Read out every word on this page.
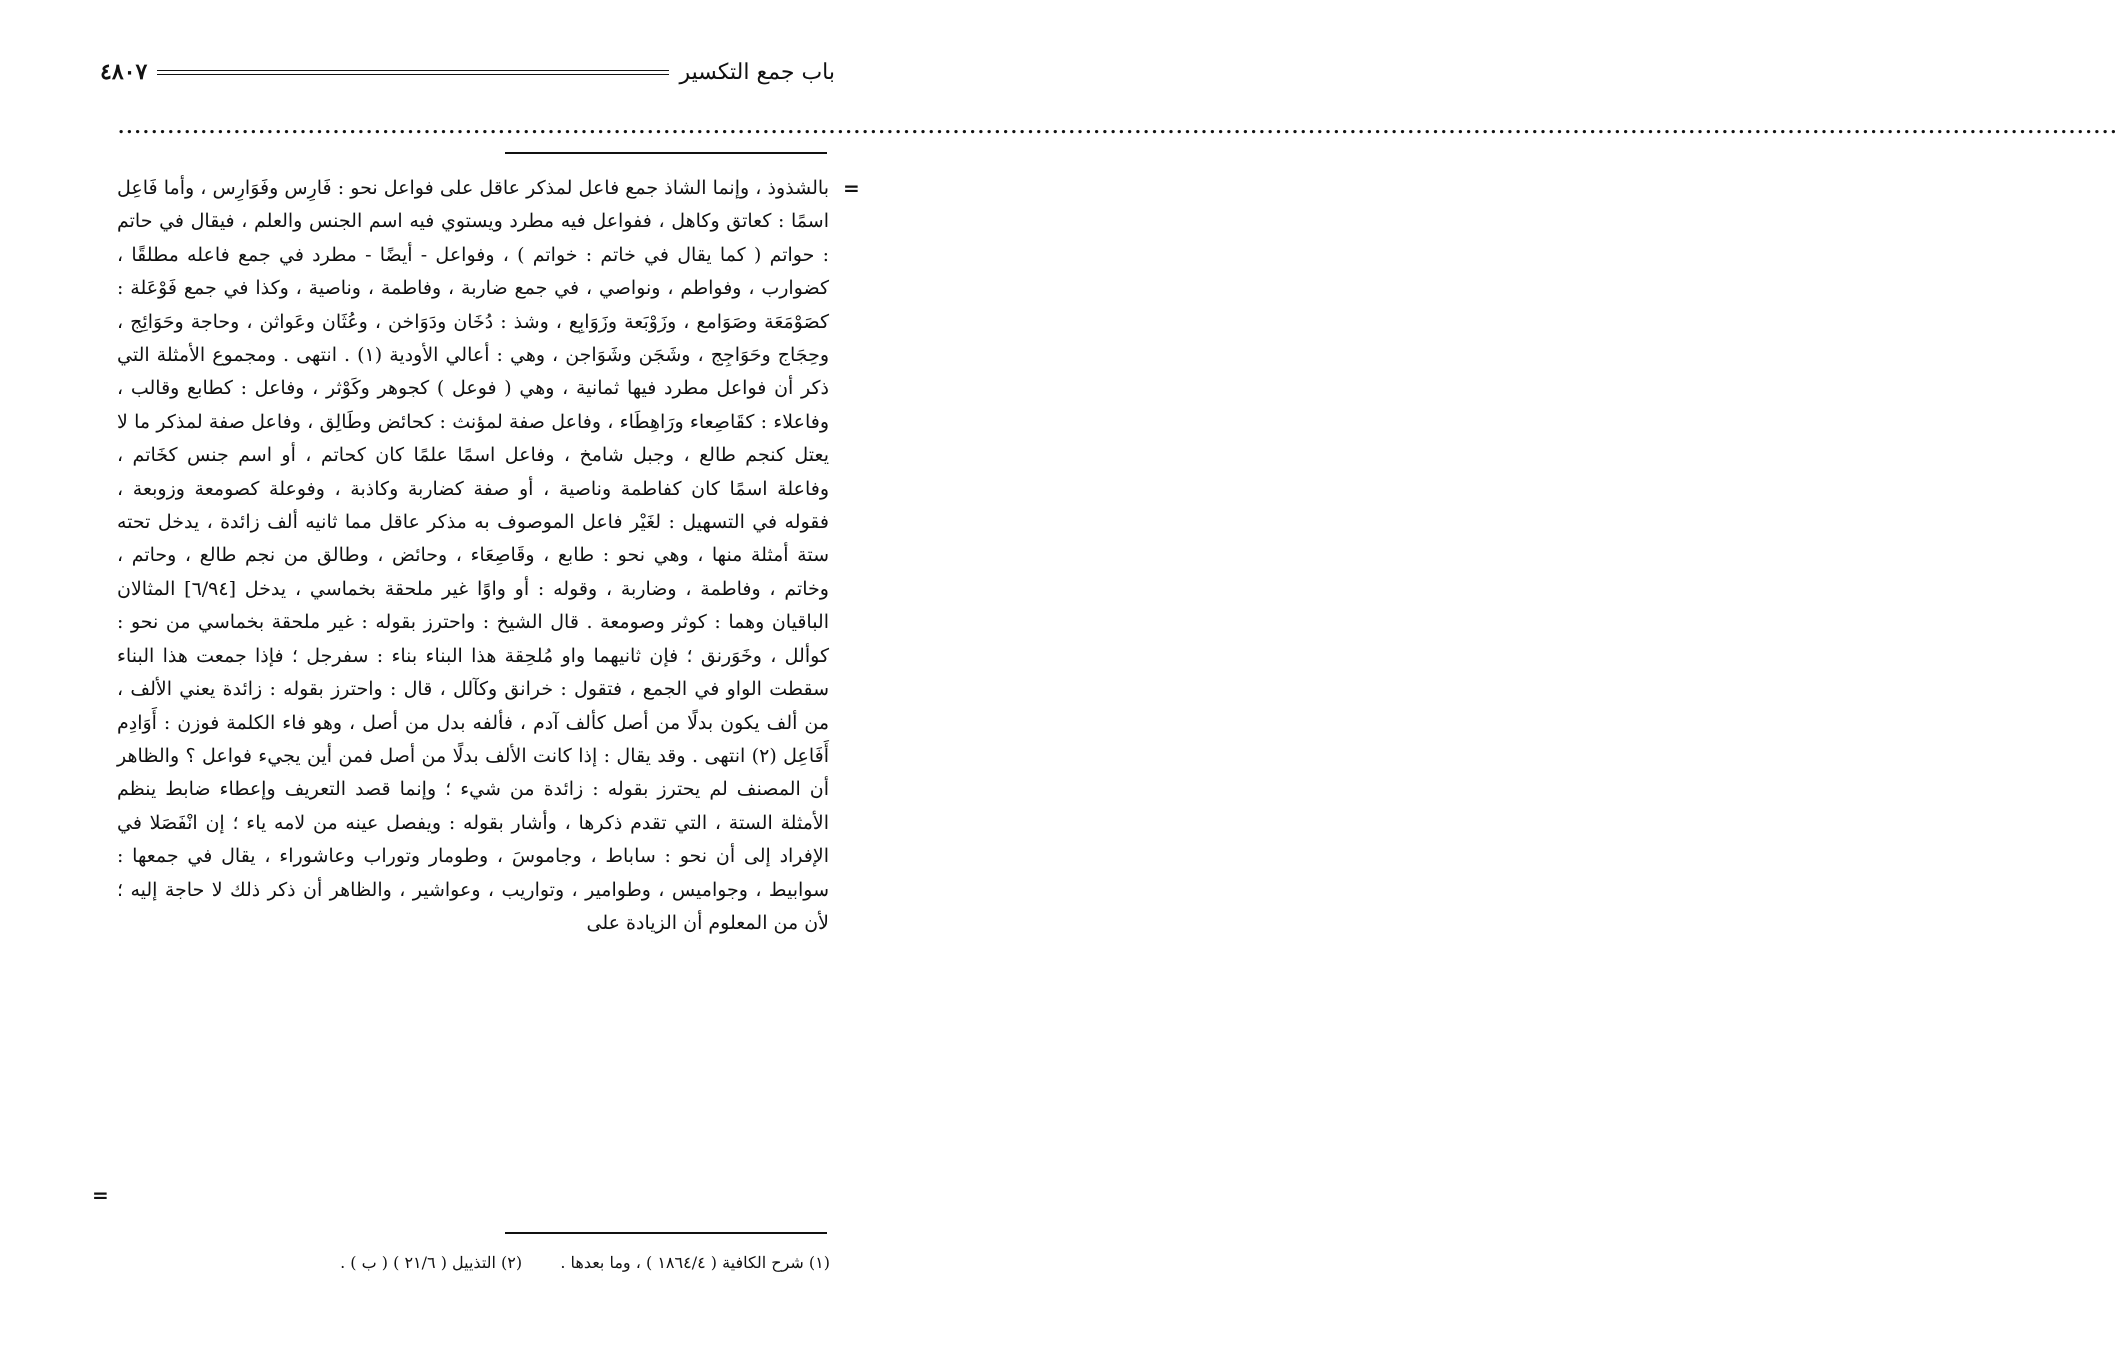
باب جمع التكسير
٤٨٠٧
..................................................................................................................................................................................................................................................
=

بالشذوذ ، وإنما الشاذ جمع فاعل لمذكر عاقل على فواعل نحو : فَارِس وفَوَارِس ، وأما فَاعِل اسمًا : كعاتق وكاهل ، ففواعل فيه مطرد ويستوي فيه اسم الجنس والعلم ، فيقال في حاتم : حواتم ( كما يقال في خاتم : خواتم ) ، وفواعل - أيضًا - مطرد في جمع فاعله مطلقًا ، كضوارب ، وفواطم ، ونواصي ، في جمع ضاربة ، وفاطمة ، وناصية ، وكذا في جمع فَوْعَلة : كصَوْمَعَة وصَوَامع ، وزَوْبَعة وزَوَابِع ، وشذ : دُخَان ودَوَاخن ، وعُثَان وعَواثن ، وحاجة وحَوَائِج ، وحِجَاج وحَوَاجِج ، وشَجَن وشَوَاجن ، وهي : أعالي الأودية (١) . انتهى . ومجموع الأمثلة التي ذكر أن فواعل مطرد فيها ثمانية ، وهي ( فوعل ) كجوهر وكَوْثر ، وفاعل : كطابع وقالب ، وفاعلاء : كقَاصِعاء ورَاهِطَاء ، وفاعل صفة لمؤنث : كحائض وطَالِق ، وفاعل صفة لمذكر ما لا يعتل كنجم طالع ، وجبل شامخ ، وفاعل اسمًا علمًا كان كحاتم ، أو اسم جنس كخَاتم ، وفاعلة اسمًا كان كفاطمة وناصية ، أو صفة كضاربة وكاذبة ، وفوعلة كصومعة وزوبعة ، فقوله في التسهيل : لغَيْر فاعل الموصوف به مذكر عاقل مما ثانيه ألف زائدة ، يدخل تحته ستة أمثلة منها ، وهي نحو : طابع ، وقَاصِعَاء ، وحائض ، وطالق من نجم طالع ، وحاتم ، وخاتم ، وفاطمة ، وضاربة ، وقوله : أو واوًا غير ملحقة بخماسي ، يدخل [٦/٩٤] المثالان الباقيان وهما : كوثر وصومعة . قال الشيخ : واحترز بقوله : غير ملحقة بخماسي من نحو : كوألل ، وخَوَرنق ؛ فإن ثانيهما واو مُلحِقة هذا البناء بناء : سفرجل ؛ فإذا جمعت هذا البناء سقطت الواو في الجمع ، فتقول : خرانق وكآلل ، قال : واحترز بقوله : زائدة يعني الألف ، من ألف يكون بدلًا من أصل كألف آدم ، فألفه بدل من أصل ، وهو فاء الكلمة فوزن : أَوَادِم أَفَاعِل (٢) انتهى . وقد يقال : إذا كانت الألف بدلًا من أصل فمن أين يجيء فواعل ؟ والظاهر أن المصنف لم يحترز بقوله : زائدة من شيء ؛ وإنما قصد التعريف وإعطاء ضابط ينظم الأمثلة الستة ، التي تقدم ذكرها ، وأشار بقوله : ويفصل عينه من لامه ياء ؛ إن انْفَصَلا في الإفراد إلى أن نحو : ساباط ، وجاموسَ ، وطومار وتوراب وعاشوراء ، يقال في جمعها : سوابيط ، وجواميس ، وطوامير ، وتواريب ، وعواشير ، والظاهر أن ذكر ذلك لا حاجة إليه ؛ لأن من المعلوم أن الزيادة على

=
(١) شرح الكافية ( ١٨٦٤/٤ ) ، وما بعدها .  (٢) التذييل ( ٢١/٦ ) ( ب ) .
